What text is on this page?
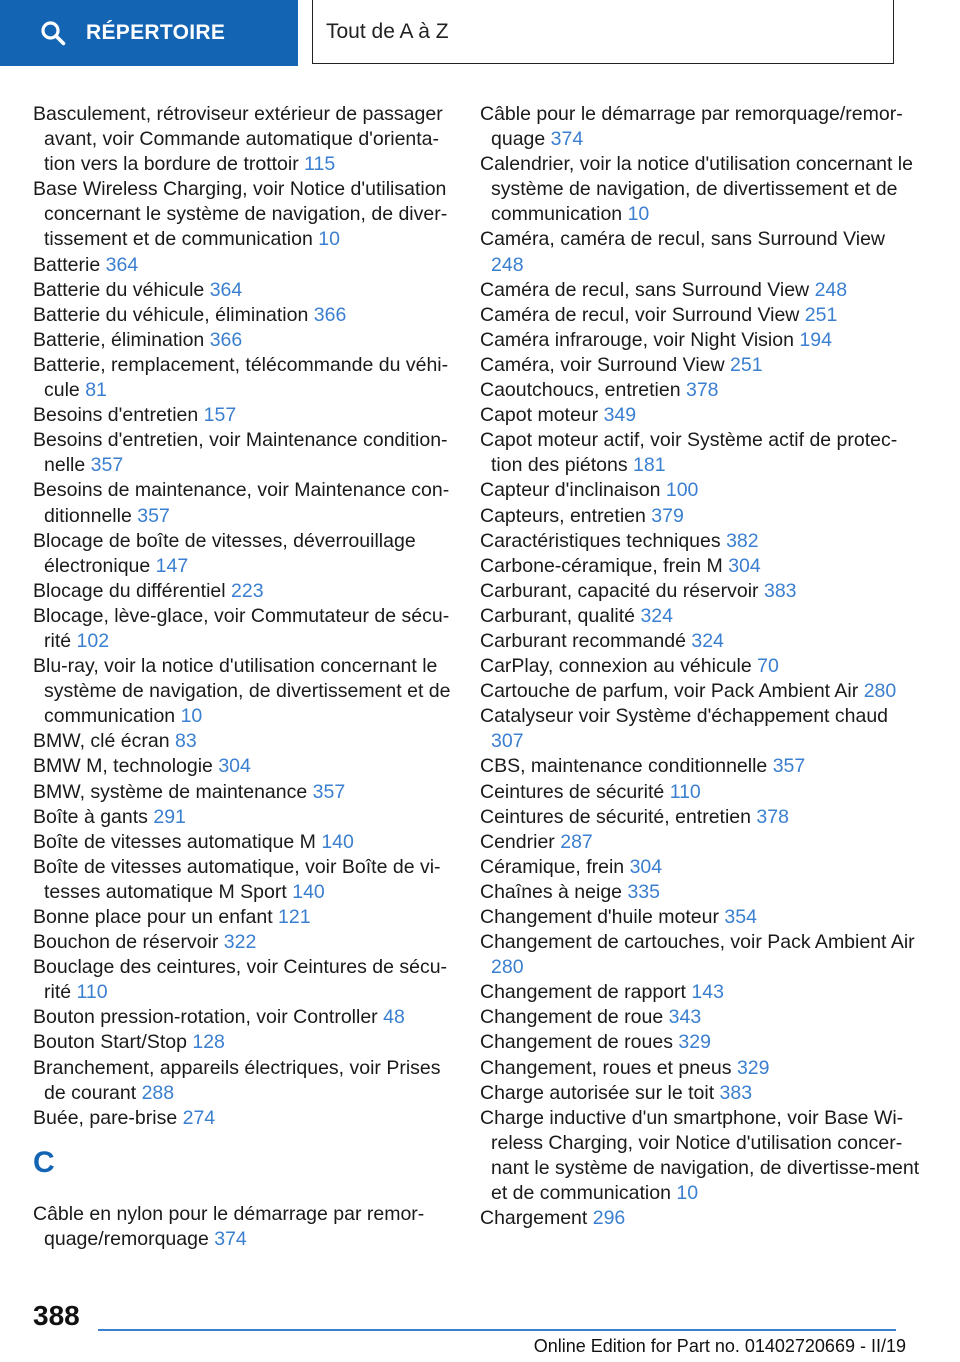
RÉPERTOIRE	Tout de A à Z
Basculement, rétroviseur extérieur de passager avant, voir Commande automatique d'orienta-tion vers la bordure de trottoir 115
Base Wireless Charging, voir Notice d'utilisation concernant le système de navigation, de diver-tissement et de communication 10
Batterie 364
Batterie du véhicule 364
Batterie du véhicule, élimination 366
Batterie, élimination 366
Batterie, remplacement, télécommande du véhi-cule 81
Besoins d'entretien 157
Besoins d'entretien, voir Maintenance condition-nelle 357
Besoins de maintenance, voir Maintenance con-ditionnelle 357
Blocage de boîte de vitesses, déverrouillage électronique 147
Blocage du différentiel 223
Blocage, lève-glace, voir Commutateur de sécu-rité 102
Blu-ray, voir la notice d'utilisation concernant le système de navigation, de divertissement et de communication 10
BMW, clé écran 83
BMW M, technologie 304
BMW, système de maintenance 357
Boîte à gants 291
Boîte de vitesses automatique M 140
Boîte de vitesses automatique, voir Boîte de vi-tesses automatique M Sport 140
Bonne place pour un enfant 121
Bouchon de réservoir 322
Bouclage des ceintures, voir Ceintures de sécu-rité 110
Bouton pression-rotation, voir Controller 48
Bouton Start/Stop 128
Branchement, appareils électriques, voir Prises de courant 288
Buée, pare-brise 274
C
Câble en nylon pour le démarrage par remor-quage/remorquage 374
Câble pour le démarrage par remorquage/remor-quage 374
Calendrier, voir la notice d'utilisation concernant le système de navigation, de divertissement et de communication 10
Caméra, caméra de recul, sans Surround View 248
Caméra de recul, sans Surround View 248
Caméra de recul, voir Surround View 251
Caméra infrarouge, voir Night Vision 194
Caméra, voir Surround View 251
Caoutchoucs, entretien 378
Capot moteur 349
Capot moteur actif, voir Système actif de protec-tion des piétons 181
Capteur d'inclinaison 100
Capteurs, entretien 379
Caractéristiques techniques 382
Carbone-céramique, frein M 304
Carburant, capacité du réservoir 383
Carburant, qualité 324
Carburant recommandé 324
CarPlay, connexion au véhicule 70
Cartouche de parfum, voir Pack Ambient Air 280
Catalyseur voir Système d'échappement chaud 307
CBS, maintenance conditionnelle 357
Ceintures de sécurité 110
Ceintures de sécurité, entretien 378
Cendrier 287
Céramique, frein 304
Chaînes à neige 335
Changement d'huile moteur 354
Changement de cartouches, voir Pack Ambient Air 280
Changement de rapport 143
Changement de roue 343
Changement de roues 329
Changement, roues et pneus 329
Charge autorisée sur le toit 383
Charge inductive d'un smartphone, voir Base Wi-reless Charging, voir Notice d'utilisation concer-nant le système de navigation, de divertisse-ment et de communication 10
Chargement 296
388
Online Edition for Part no. 01402720669 - II/19
